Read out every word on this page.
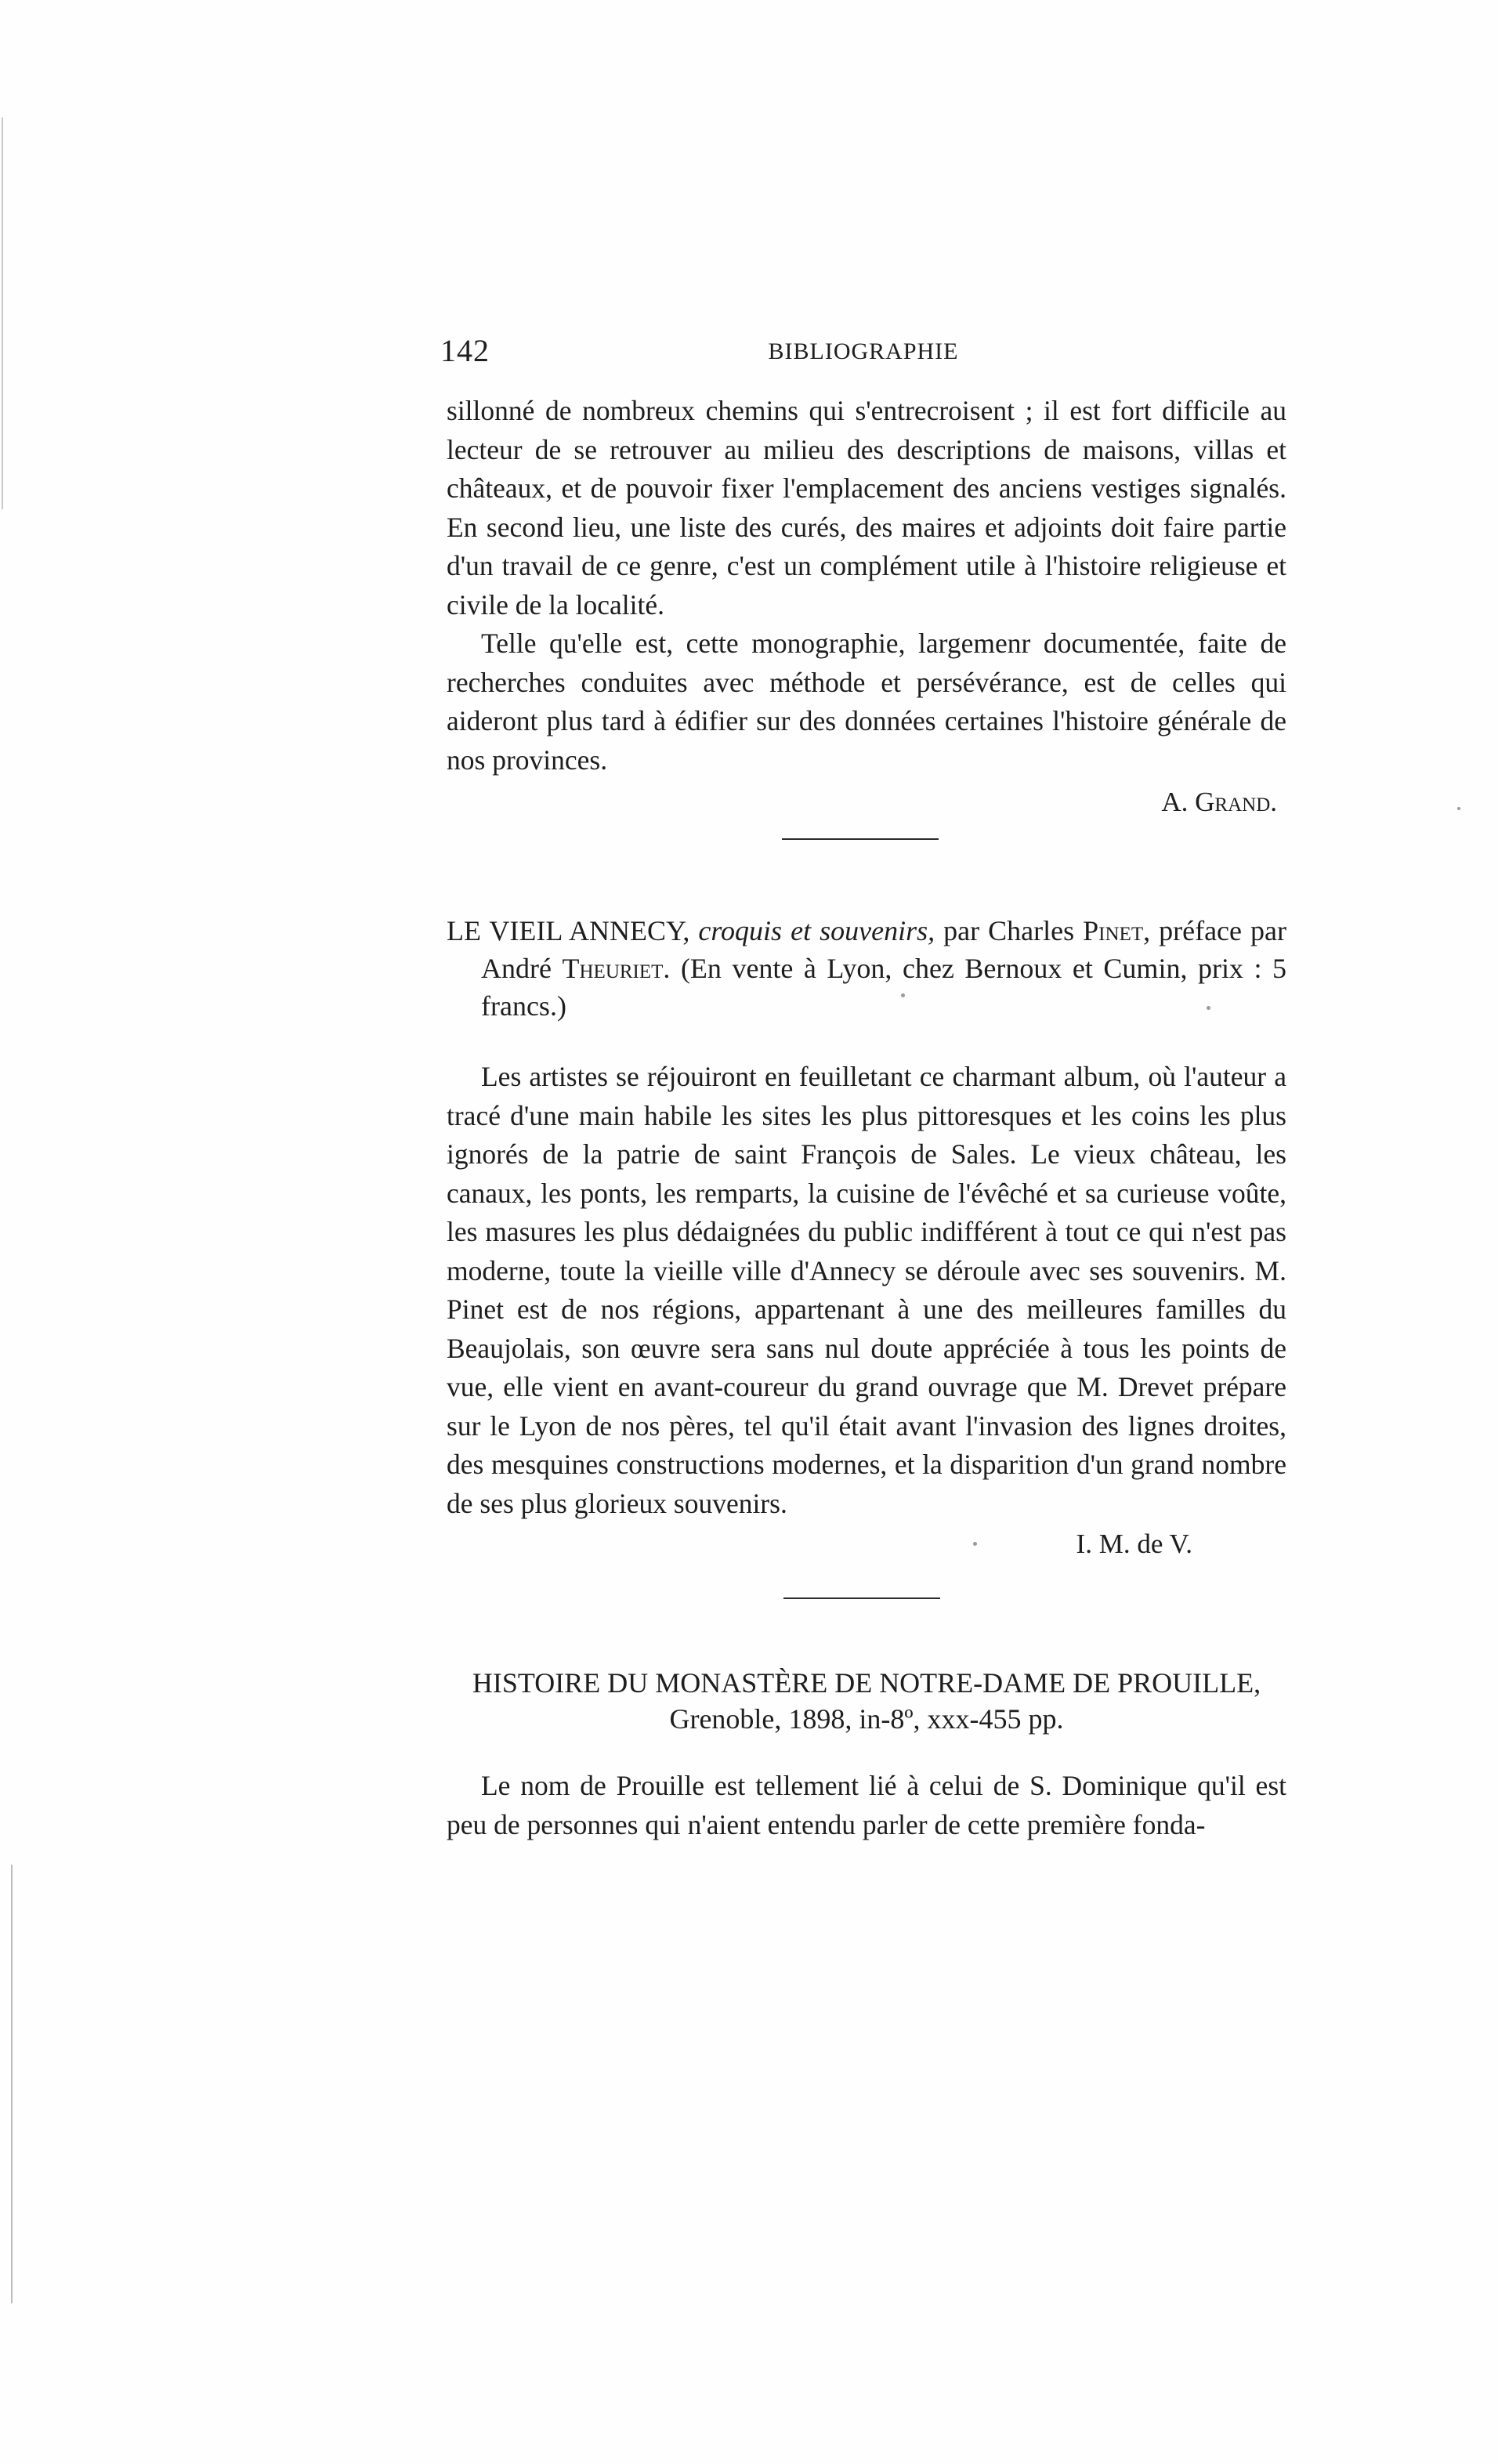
142	BIBLIOGRAPHIE

sillonné de nombreux chemins qui s'entrecroisent ; il est fort difficile au lecteur de se retrouver au milieu des descriptions de maisons, villas et châteaux, et de pouvoir fixer l'emplacement des anciens vestiges signalés. En second lieu, une liste des curés, des maires et adjoints doit faire partie d'un travail de ce genre, c'est un complément utile à l'histoire religieuse et civile de la localité.

Telle qu'elle est, cette monographie, largemenr documentée, faite de recherches conduites avec méthode et persévérance, est de celles qui aideront plus tard à édifier sur des données certaines l'histoire générale de nos provinces.

A. Grand.

LE VIEIL ANNECY, croquis et souvenirs, par Charles Pinet, préface par André Theuriet. (En vente à Lyon, chez Bernoux et Cumin, prix : 5 francs.)

Les artistes se réjouiront en feuilletant ce charmant album, où l'auteur a tracé d'une main habile les sites les plus pittoresques et les coins les plus ignorés de la patrie de saint François de Sales. Le vieux château, les canaux, les ponts, les remparts, la cuisine de l'évêché et sa curieuse voûte, les masures les plus dédaignées du public indifférent à tout ce qui n'est pas moderne, toute la vieille ville d'Annecy se déroule avec ses souvenirs. M. Pinet est de nos régions, appartenant à une des meilleures familles du Beaujolais, son œuvre sera sans nul doute appréciée à tous les points de vue, elle vient en avant-coureur du grand ouvrage que M. Drevet prépare sur le Lyon de nos pères, tel qu'il était avant l'invasion des lignes droites, des mesquines constructions modernes, et la disparition d'un grand nombre de ses plus glorieux souvenirs.

I. M. de V.

HISTOIRE DU MONASTÈRE DE NOTRE-DAME DE PROUILLE,

Grenoble, 1898, in-8º, xxx-455 pp.

Le nom de Prouille est tellement lié à celui de S. Dominique qu'il est peu de personnes qui n'aient entendu parler de cette première fonda-
